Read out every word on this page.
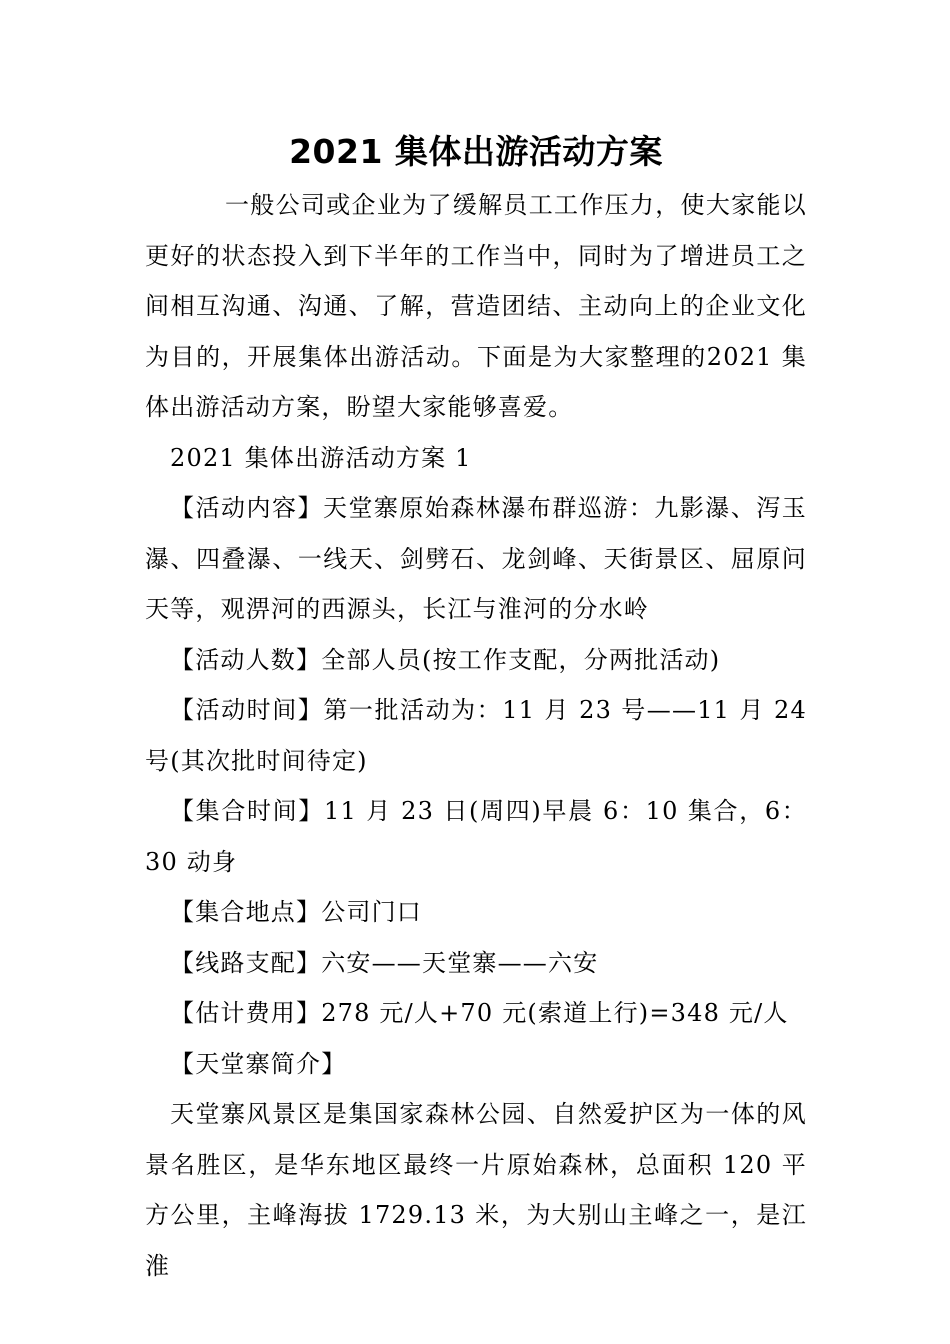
2021 集体出游活动方案

一般公司或企业为了缓解员工工作压力，使大家能以更好的状态投入到下半年的工作当中，同时为了增进员工之间相互沟通、沟通、了解，营造团结、主动向上的企业文化为目的，开展集体出游活动。下面是为大家整理的2021 集体出游活动方案，盼望大家能够喜爱。

2021 集体出游活动方案 1

【活动内容】天堂寨原始森林瀑布群巡游：九影瀑、泻玉瀑、四叠瀑、一线天、剑劈石、龙剑峰、天街景区、屈原问天等，观淠河的西源头，长江与淮河的分水岭

【活动人数】全部人员(按工作支配，分两批活动)

【活动时间】第一批活动为：11 月 23 号——11 月 24 号(其次批时间待定)

【集合时间】11 月 23 日(周四)早晨 6：10 集合，6：30 动身

【集合地点】公司门口

【线路支配】六安——天堂寨——六安

【估计费用】278 元/人+70 元(索道上行)=348 元/人

【天堂寨简介】

天堂寨风景区是集国家森林公园、自然爱护区为一体的风景名胜区，是华东地区最终一片原始森林，总面积 120 平方公里，主峰海拔 1729.13 米，为大别山主峰之一，是江淮
